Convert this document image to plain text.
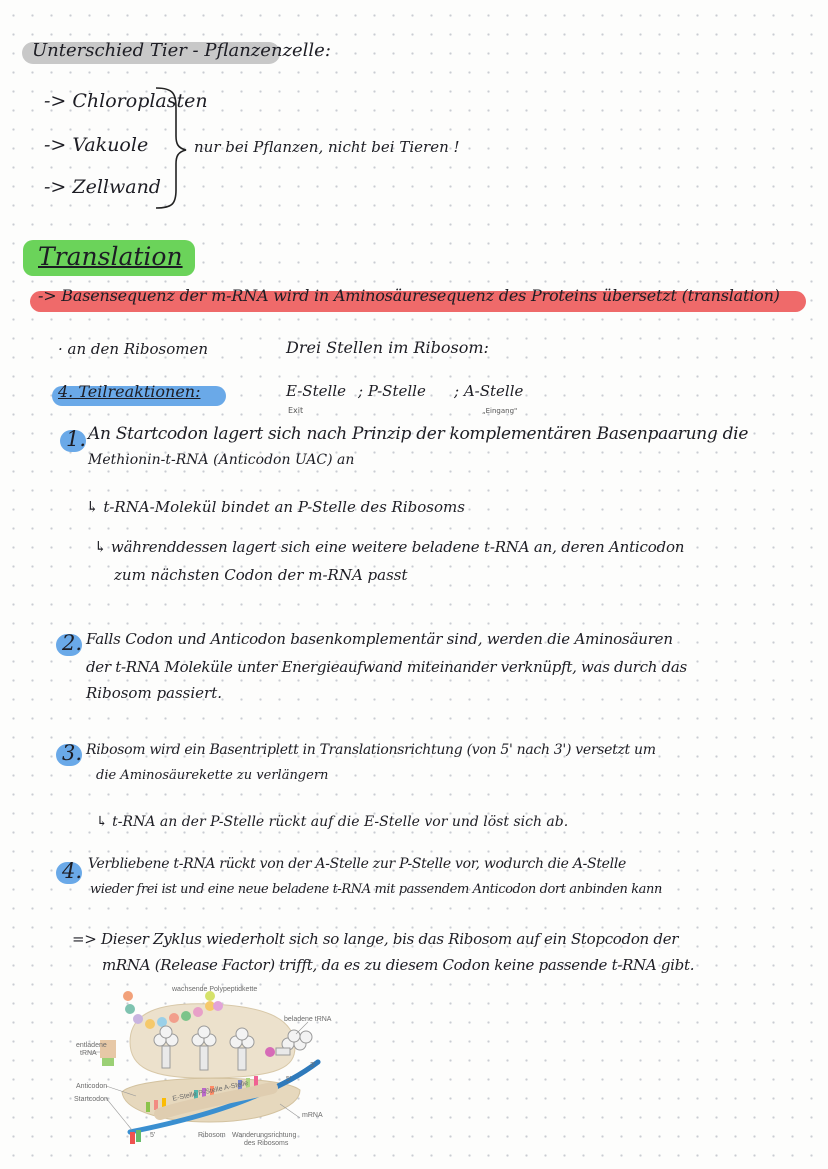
Unterschied Tier - Pflanzenzelle:
-> Chloroplasten
-> Vakuole
-> Zellwand
nur bei Pflanzen, nicht bei Tieren !
Translation
-> Basensequenz der m-RNA wird in Aminosäuresequenz des Proteins übersetzt (translation)
· an den Ribosomen	Drei Stellen im Ribosom:
4. Teilreaktionen:	E-Stelle
Exit
; P-Stelle ; A-Stelle
„Eingang"
1. An Startcodon lagert sich nach Prinzip der komplementären Basenpaarung die
Methionin-t-RNA (Anticodon UAC) an
↳ t-RNA-Molekül bindet an P-Stelle des Ribosoms
↳ währenddessen lagert sich eine weitere beladene t-RNA an, deren Anticodon
zum nächsten Codon der m-RNA passt
2. Falls Codon und Anticodon basenkomplementär sind, werden die Aminosäuren
der t-RNA Moleküle unter Energieaufwand miteinander verknüpft, was durch das
Ribosom passiert.
3. Ribosom wird ein Basentriplett in Translationsrichtung (von 5' nach 3') versetzt um
die Aminosäurekette zu verlängern
↳ t-RNA an der P-Stelle rückt auf die E-Stelle vor und löst sich ab.
4. Verbliebene t-RNA rückt von der A-Stelle zur P-Stelle vor, wodurch die A-Stelle
wieder frei ist und eine neue beladene t-RNA mit passendem Anticodon dort anbinden kann
=> Dieser Zyklus wiederholt sich so lange, bis das Ribosom auf ein Stopcodon der
mRNA (Release Factor) trifft, da es zu diesem Codon keine passende t-RNA gibt.
wachsende Polypeptidkette
beladene tRNA
entladene
tRNA
Anticodon
Startcodon	E-Stelle P-Stelle A-Stelle
mRNA
5'	Ribosom Wanderungsrichtung
des Ribosoms
3'
5'
